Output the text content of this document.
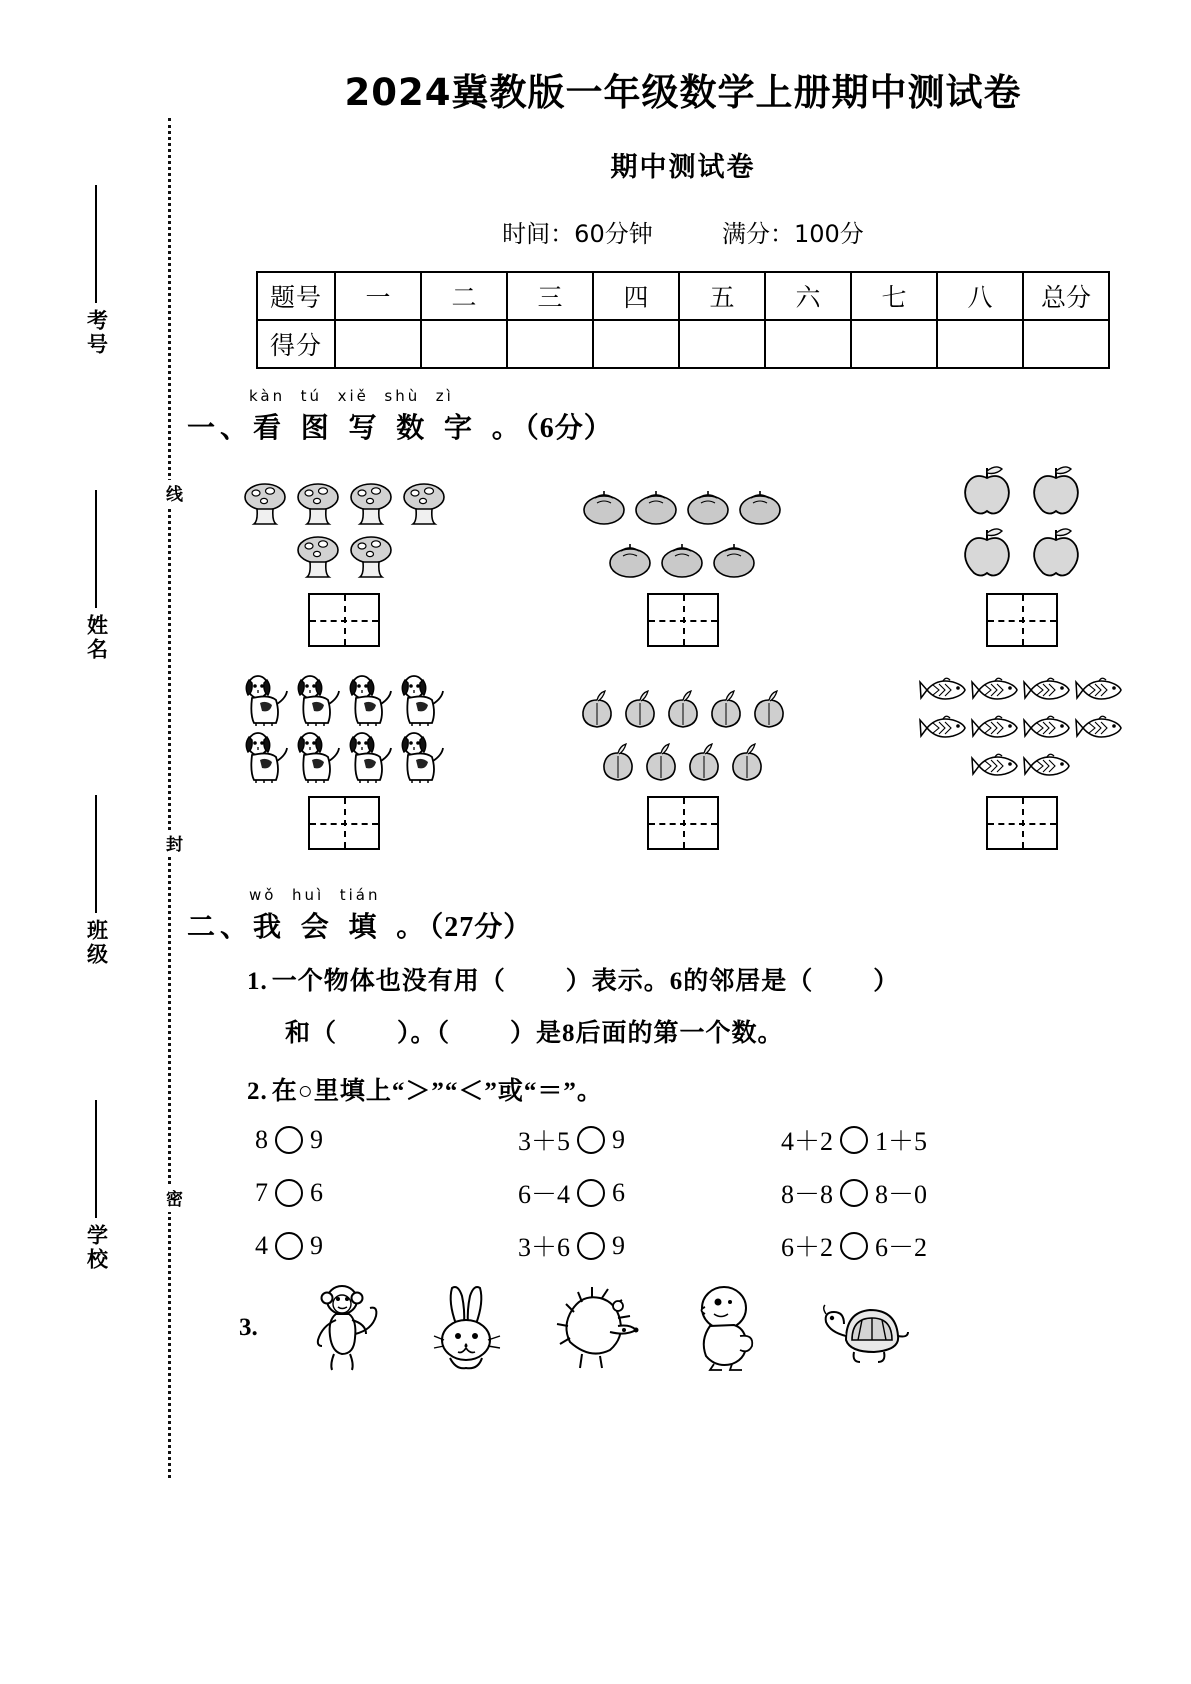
考号
姓名
班级
学校
线
封
密
2024冀教版一年级数学上册期中测试卷
期中测试卷
时间：60分钟	满分：100分
题号	一	二	三	四	五	六	七	八	总分
得分									
kàn  tú  xiě  shù  zì
一、看 图 写 数 字 。（6分）
wǒ  huì  tián
二、我 会 填 。（27分）
1. 一个物体也没有用（ ）表示。6的邻居是（ ）
和（ ）。（ ）是8后面的第一个数。
2. 在○里填上“＞”“＜”或“＝”。
8 9	3＋5 9	4＋2 1＋5
7 6	6－4 6	8－8 8－0
4 9	3＋6 9	6＋2 6－2
3.
